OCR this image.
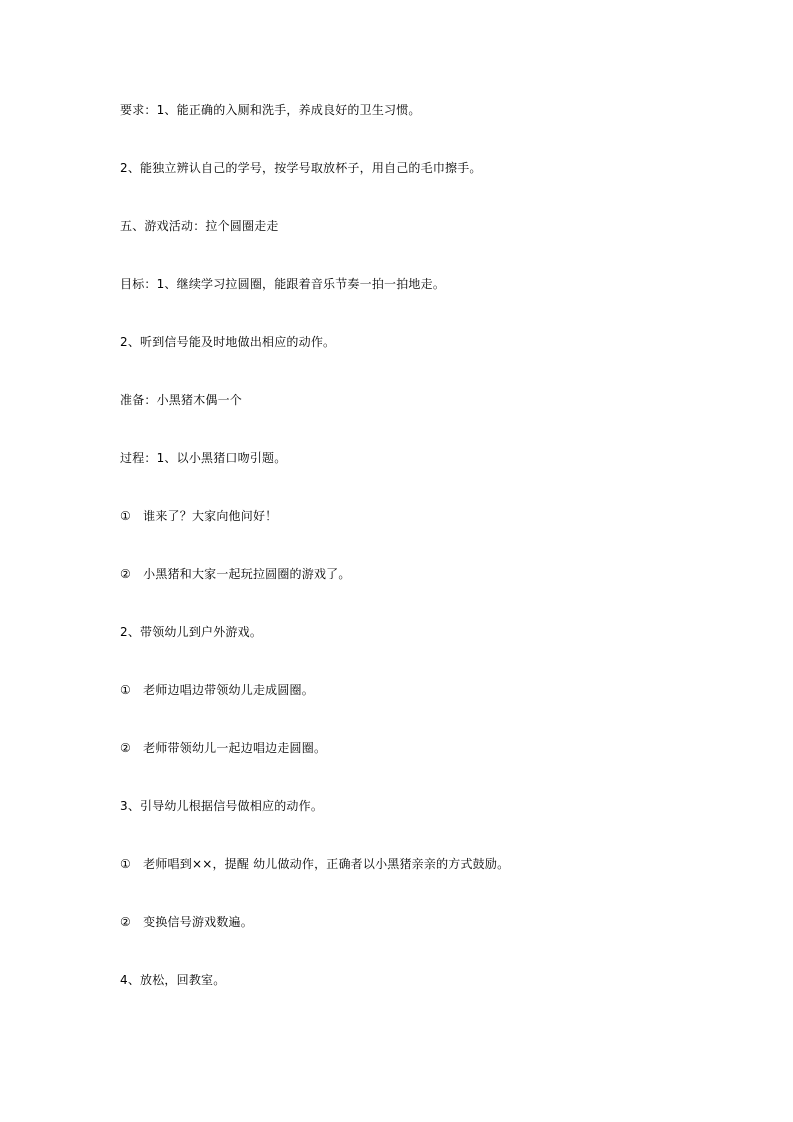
要求：1、能正确的入厕和洗手，养成良好的卫生习惯。
2、能独立辨认自己的学号，按学号取放杯子，用自己的毛巾擦手。
五、游戏活动：拉个圆圈走走
目标：1、继续学习拉圆圈，能跟着音乐节奏一拍一拍地走。
2、听到信号能及时地做出相应的动作。
准备：小黑猪木偶一个
过程：1、以小黑猪口吻引题。
①　谁来了？大家向他问好！
②　小黑猪和大家一起玩拉圆圈的游戏了。
2、带领幼儿到户外游戏。
①　老师边唱边带领幼儿走成圆圈。
②　老师带领幼儿一起边唱边走圆圈。
3、引导幼儿根据信号做相应的动作。
①　老师唱到××，提醒 幼儿做动作，正确者以小黑猪亲亲的方式鼓励。
②　变换信号游戏数遍。
4、放松，回教室。
